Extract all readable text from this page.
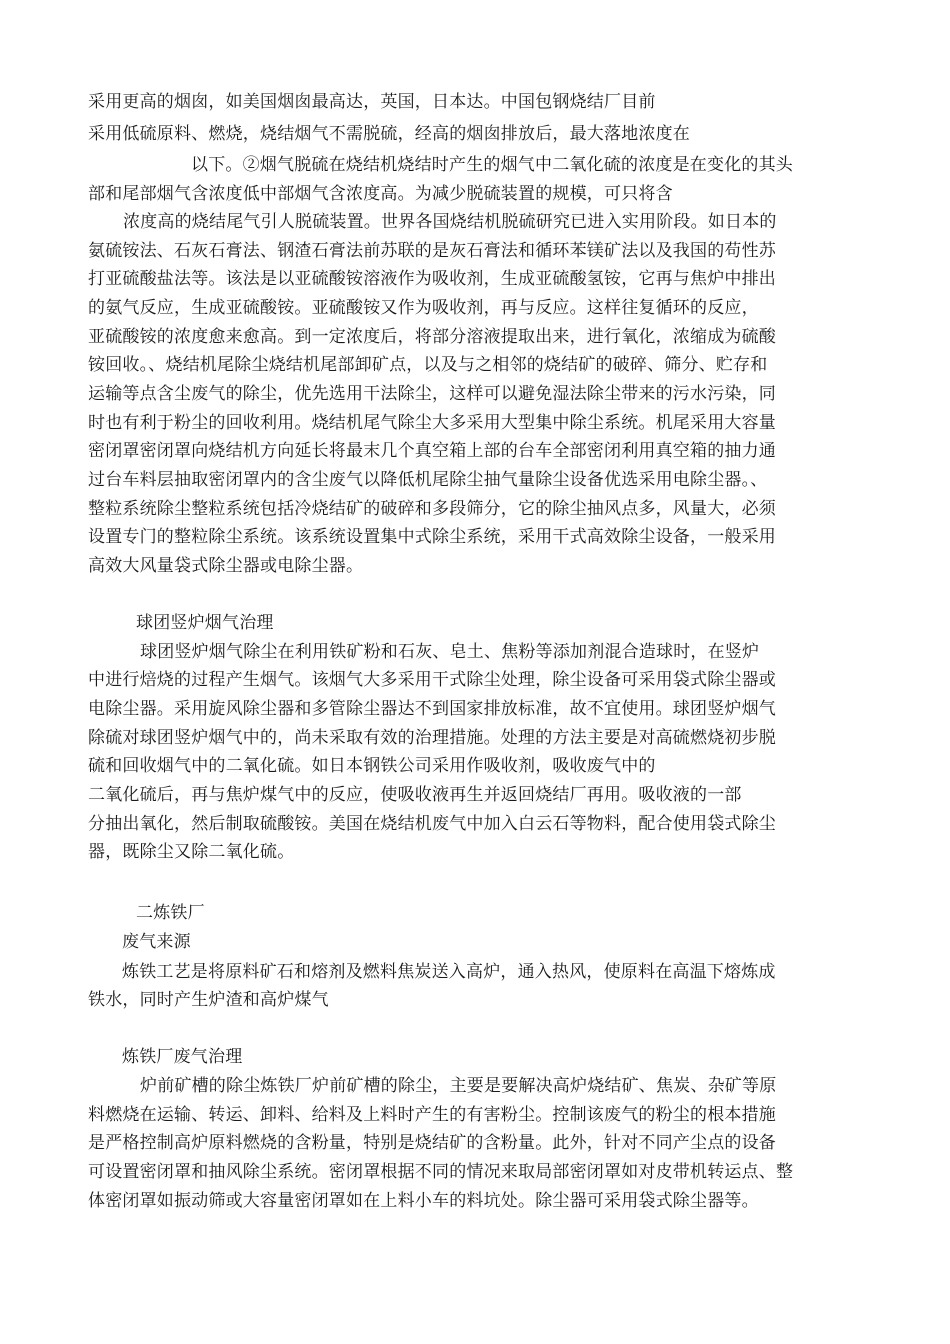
采用更高的烟囱，如美国烟囱最高达，英国，日本达。中国包钢烧结厂目前
采用低硫原料、燃烧，烧结烟气不需脱硫，经高的烟囱排放后，最大落地浓度在
以下。②烟气脱硫在烧结机烧结时产生的烟气中二氧化硫的浓度是在变化的其头
部和尾部烟气含浓度低中部烟气含浓度高。为减少脱硫装置的规模，可只将含
浓度高的烧结尾气引人脱硫装置。世界各国烧结机脱硫研究已进入实用阶段。如日本的
氨硫铵法、石灰石膏法、钢渣石膏法前苏联的是灰石膏法和循环苯镁矿法以及我国的苟性苏
打亚硫酸盐法等。该法是以亚硫酸铵溶液作为吸收剂，生成亚硫酸氢铵，它再与焦炉中排出
的氨气反应，生成亚硫酸铵。亚硫酸铵又作为吸收剂，再与反应。这样往复循环的反应，
亚硫酸铵的浓度愈来愈高。到一定浓度后，将部分溶液提取出来，进行氧化，浓缩成为硫酸
铵回收。、烧结机尾除尘烧结机尾部卸矿点，以及与之相邻的烧结矿的破碎、筛分、贮存和
运输等点含尘废气的除尘，优先选用干法除尘，这样可以避免湿法除尘带来的污水污染，同
时也有利于粉尘的回收利用。烧结机尾气除尘大多采用大型集中除尘系统。机尾采用大容量
密闭罩密闭罩向烧结机方向延长将最末几个真空箱上部的台车全部密闭利用真空箱的抽力通
过台车料层抽取密闭罩内的含尘废气以降低机尾除尘抽气量除尘设备优选采用电除尘器。、
整粒系统除尘整粒系统包括冷烧结矿的破碎和多段筛分，它的除尘抽风点多，风量大，必须
设置专门的整粒除尘系统。该系统设置集中式除尘系统，采用干式高效除尘设备，一般采用
高效大风量袋式除尘器或电除尘器。
球团竖炉烟气治理
球团竖炉烟气除尘在利用铁矿粉和石灰、皂土、焦粉等添加剂混合造球时，在竖炉
中进行焙烧的过程产生烟气。该烟气大多采用干式除尘处理，除尘设备可采用袋式除尘器或
电除尘器。采用旋风除尘器和多管除尘器达不到国家排放标准，故不宜使用。球团竖炉烟气
除硫对球团竖炉烟气中的，尚未采取有效的治理措施。处理的方法主要是对高硫燃烧初步脱
硫和回收烟气中的二氧化硫。如日本钢铁公司采用作吸收剂，吸收废气中的
二氧化硫后，再与焦炉煤气中的反应，使吸收液再生并返回烧结厂再用。吸收液的一部
分抽出氧化，然后制取硫酸铵。美国在烧结机废气中加入白云石等物料，配合使用袋式除尘
器，既除尘又除二氧化硫。
二炼铁厂
废气来源
炼铁工艺是将原料矿石和熔剂及燃料焦炭送入高炉，通入热风，使原料在高温下熔炼成
铁水，同时产生炉渣和高炉煤气
炼铁厂废气治理
炉前矿槽的除尘炼铁厂炉前矿槽的除尘，主要是要解决高炉烧结矿、焦炭、杂矿等原
料燃烧在运输、转运、卸料、给料及上料时产生的有害粉尘。控制该废气的粉尘的根本措施
是严格控制高炉原料燃烧的含粉量，特别是烧结矿的含粉量。此外，针对不同产尘点的设备
可设置密闭罩和抽风除尘系统。密闭罩根据不同的情况来取局部密闭罩如对皮带机转运点、整
体密闭罩如振动筛或大容量密闭罩如在上料小车的料坑处。除尘器可采用袋式除尘器等。
